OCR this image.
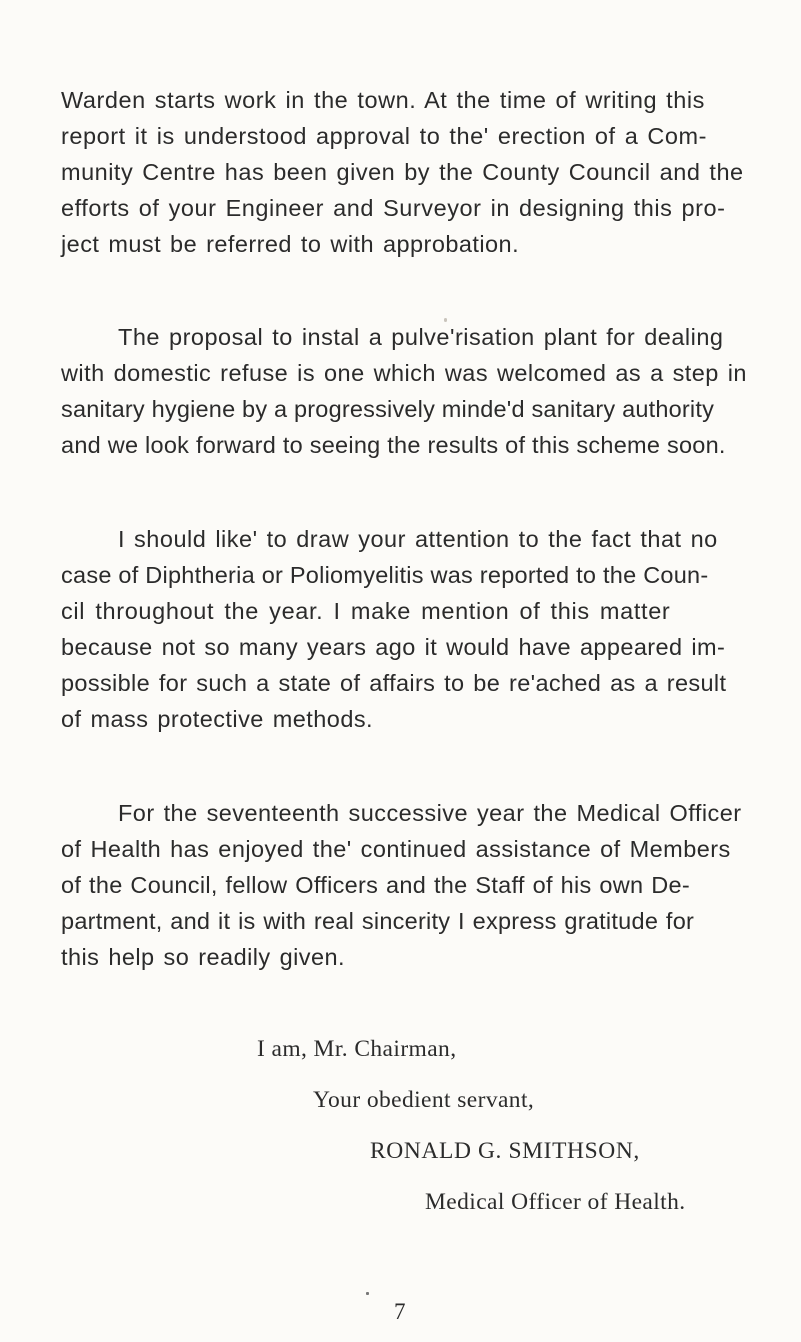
Warden starts work in the town. At the time of writing this
report it is understood approval to the' erection of a Com-
munity Centre has been given by the County Council and the
efforts of your Engineer and Surveyor in designing this pro-
ject must be referred to with approbation.
The proposal to instal a pulve'risation plant for dealing
with domestic refuse is one which was welcomed as a step in
sanitary hygiene by a progressively minde'd sanitary authority
and we look forward to seeing the results of this scheme soon.
I should like' to draw your attention to the fact that no
case of Diphtheria or Poliomyelitis was reported to the Coun-
cil throughout the year. I make mention of this matter
because not so many years ago it would have appeared im-
possible for such a state of affairs to be re'ached as a result
of mass protective methods.
For the seventeenth successive year the Medical Officer
of Health has enjoyed the' continued assistance of Members
of the Council, fellow Officers and the Staff of his own De-
partment, and it is with real sincerity I express gratitude for
this help so readily given.
I am, Mr. Chairman,
Your obedient servant,
RONALD G. SMITHSON,
Medical Officer of Health.
7
